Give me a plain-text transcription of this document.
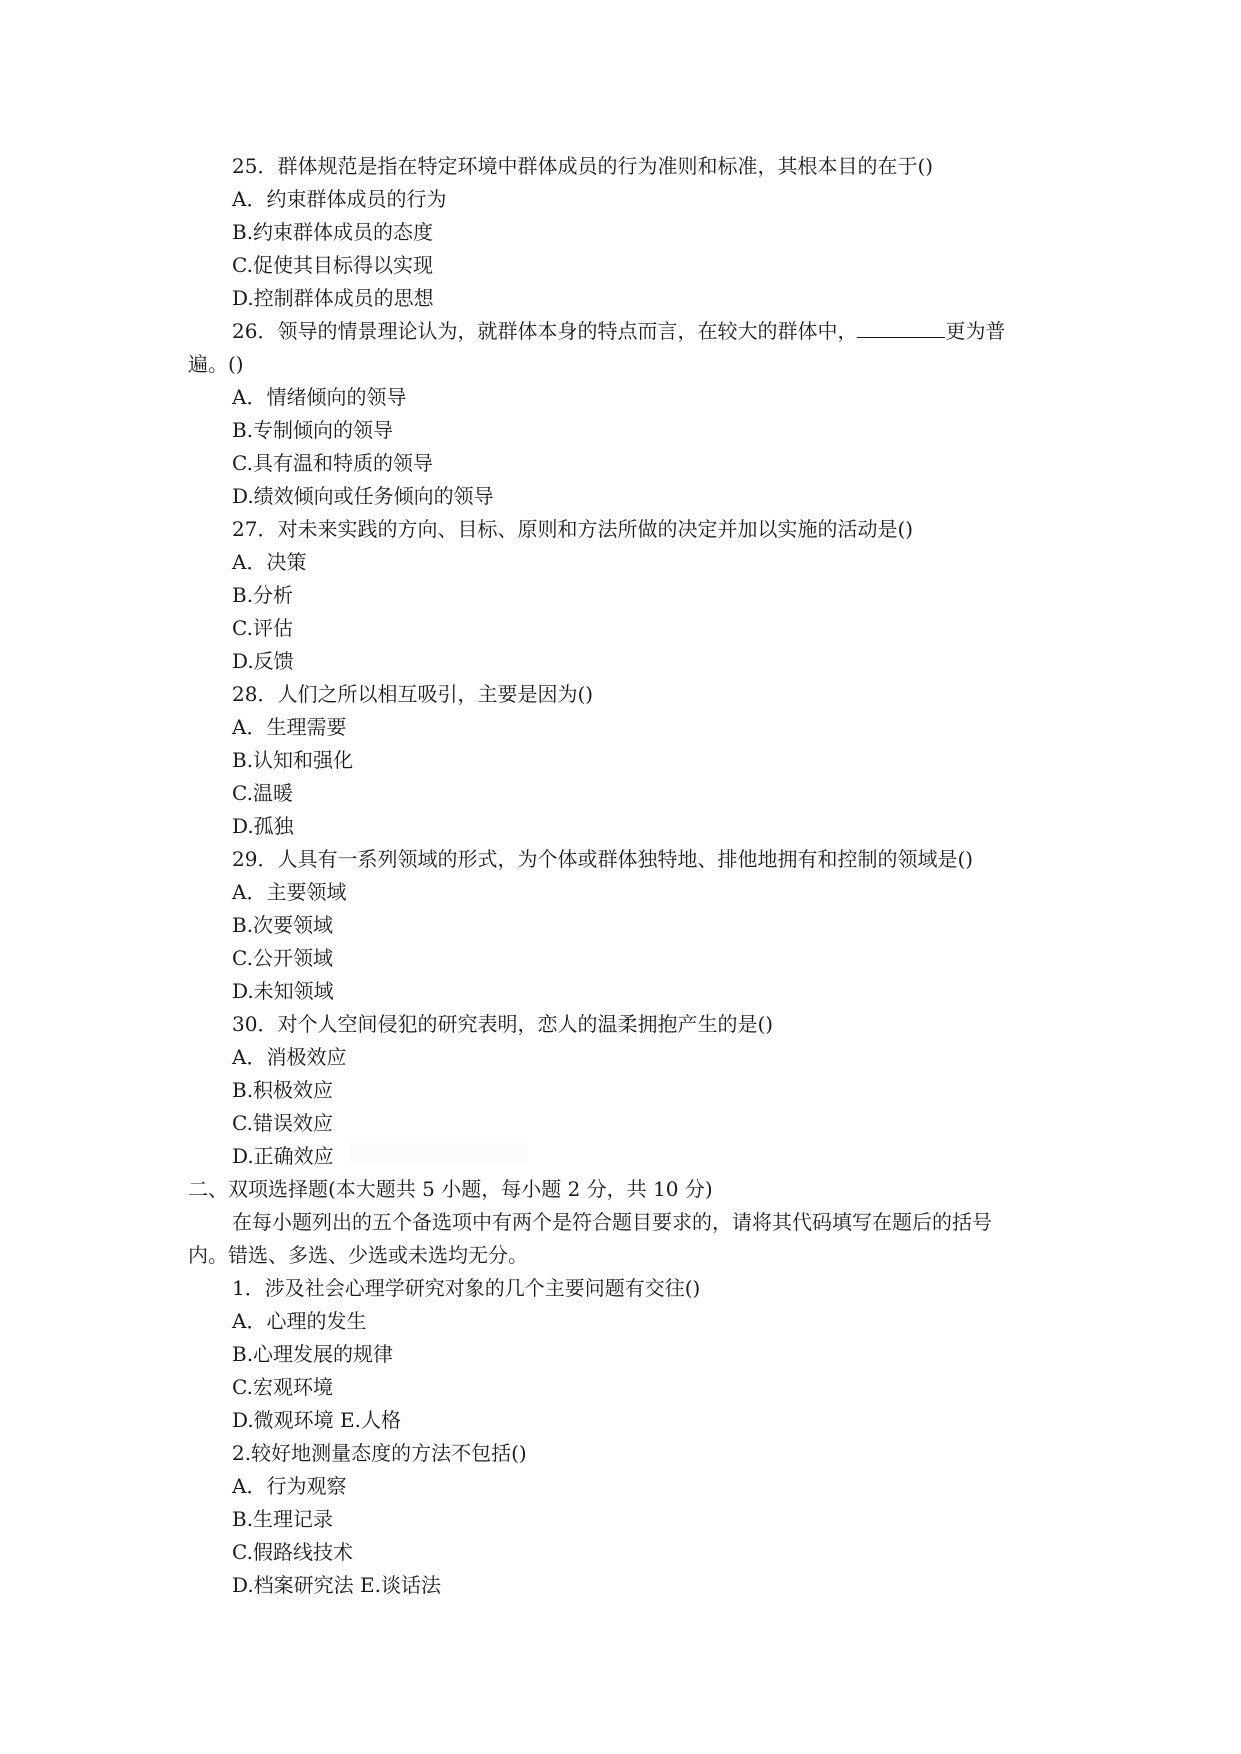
25．群体规范是指在特定环境中群体成员的行为准则和标准，其根本目的在于()
A．约束群体成员的行为
B.约束群体成员的态度
C.促使其目标得以实现
D.控制群体成员的思想
26．领导的情景理论认为，就群体本身的特点而言，在较大的群体中，	更为普
遍。()
A．情绪倾向的领导
B.专制倾向的领导
C.具有温和特质的领导
D.绩效倾向或任务倾向的领导
27．对未来实践的方向、目标、原则和方法所做的决定并加以实施的活动是()
A．决策
B.分析
C.评估
D.反馈
28．人们之所以相互吸引，主要是因为()
A．生理需要
B.认知和强化
C.温暖
D.孤独
29．人具有一系列领域的形式，为个体或群体独特地、排他地拥有和控制的领域是()
A．主要领域
B.次要领域
C.公开领域
D.未知领域
30．对个人空间侵犯的研究表明，恋人的温柔拥抱产生的是()
A．消极效应
B.积极效应
C.错误效应
D.正确效应
二、双项选择题(本大题共 5 小题，每小题 2 分，共 10 分)
在每小题列出的五个备选项中有两个是符合题目要求的，请将其代码填写在题后的括号
内。错选、多选、少选或未选均无分。
1．涉及社会心理学研究对象的几个主要问题有交往()
A．心理的发生
B.心理发展的规律
C.宏观环境
D.微观环境 E.人格
2.较好地测量态度的方法不包括()
A．行为观察
B.生理记录
C.假路线技术
D.档案研究法 E.谈话法
